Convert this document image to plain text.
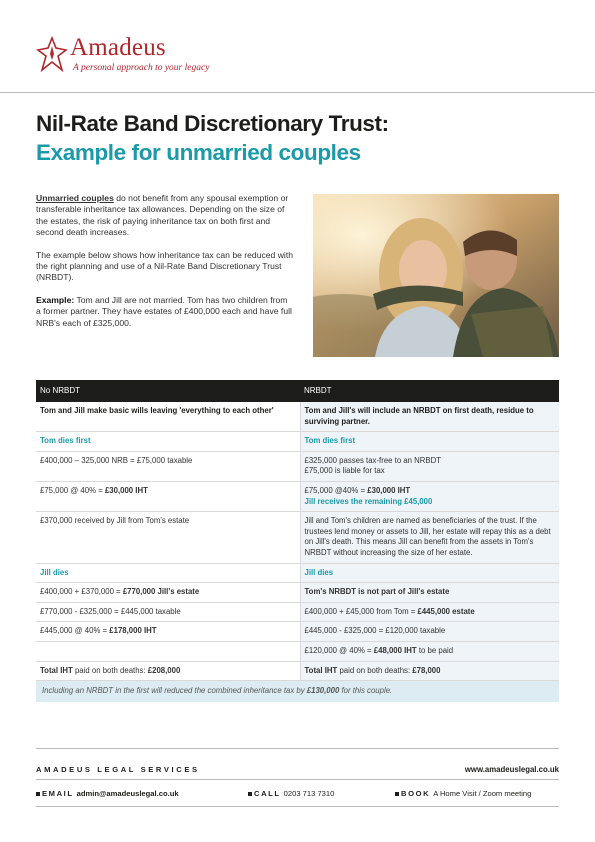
Amadeus
A personal approach to your legacy
Nil-Rate Band Discretionary Trust:
Example for unmarried couples

Unmarried couples do not benefit from any spousal exemption or transferable inheritance tax allowances. Depending on the size of the estates, the risk of paying inheritance tax on both first and second death increases.

The example below shows how inheritance tax can be reduced with the right planning and use of a Nil-Rate Band Discretionary Trust (NRBDT).

Example: Tom and Jill are not married. Tom has two children from a former partner. They have estates of £400,000 each and have full NRB's each of £325,000.

No NRBDT	NRBDT
Tom and Jill make basic wills leaving 'everything to each other'	Tom and Jill's will include an NRBDT on first death, residue to surviving partner.
Tom dies first	Tom dies first
£400,000 – 325,000 NRB = £75,000 taxable	£325,000 passes tax-free to an NRBDT
£75,000 is liable for tax
£75,000 @ 40% = £30,000 IHT	£75,000 @40% = £30,000 IHT
Jill receives the remaining £45,000
£370,000 received by Jill from Tom's estate	Jill and Tom's children are named as beneficiaries of the trust. If the trustees lend money or assets to Jill, her estate will repay this as a debt on Jill's death. This means Jill can benefit from the assets in Tom's NRBDT without increasing the size of her estate.
Jill dies	Jill dies
£400,000 + £370,000 = £770,000 Jill's estate	Tom's NRBDT is not part of Jill's estate
£770,000 - £325,000 = £445,000 taxable	£400,000 + £45,000 from Tom = £445,000 estate
£445,000 @ 40% = £178,000 IHT	£445,000 - £325,000 = £120,000 taxable
	£120,000 @ 40% = £48,000 IHT to be paid
Total IHT paid on both deaths: £208,000	Total IHT paid on both deaths: £78,000
Including an NRBDT in the first will reduced the combined inheritance tax by £130,000 for this couple.	
AMADEUS LEGAL SERVICES	www.amadeuslegal.co.uk
EMAIL admin@amadeuslegal.co.uk	CALL 0203 713 7310	BOOK A Home Visit / Zoom meeting
